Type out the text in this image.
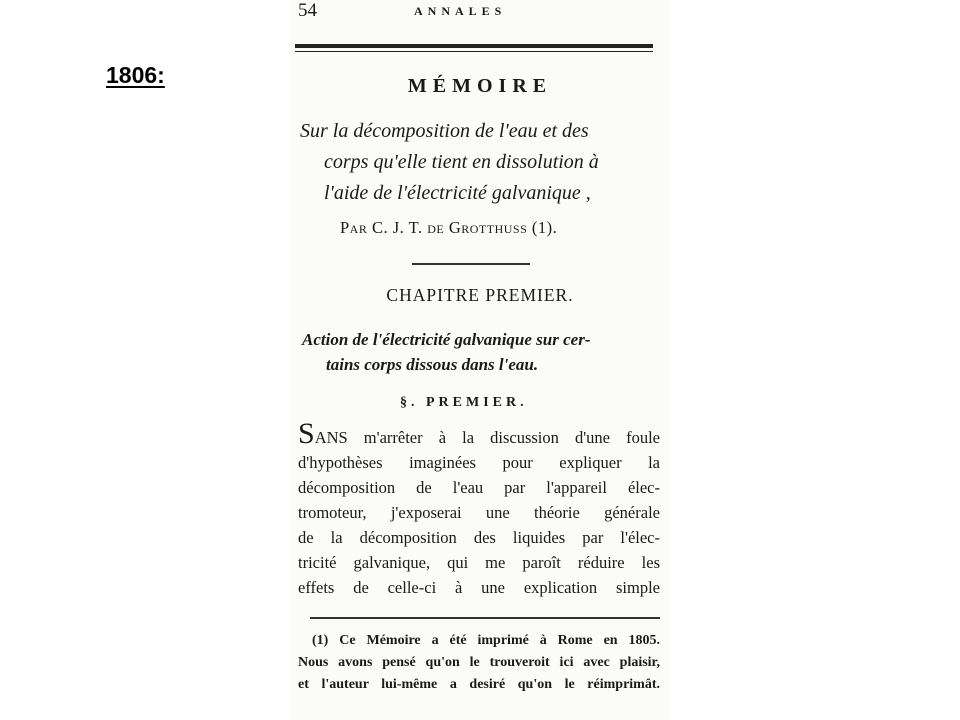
1806:
54	ANNALES
MÉMOIRE

Sur la décomposition de l'eau et des
corps qu'elle tient en dissolution à
l'aide de l'électricité galvanique ,

Par C. J. T. de Grotthuss (1).
CHAPITRE PREMIER.

Action de l'électricité galvanique sur cer-
tains corps dissous dans l'eau.

§. PREMIER.

SANS m'arrêter à la discussion d'une foule
d'hypothèses imaginées pour expliquer la
décomposition de l'eau par l'appareil élec-
tromoteur, j'exposerai une théorie générale
de la décomposition des liquides par l'élec-
tricité galvanique, qui me paroît réduire les
effets de celle-ci à une explication simple

(1) Ce Mémoire a été imprimé à Rome en 1805.
Nous avons pensé qu'on le trouveroit ici avec plaisir,
et l'auteur lui-même a desiré qu'on le réimprimât.
